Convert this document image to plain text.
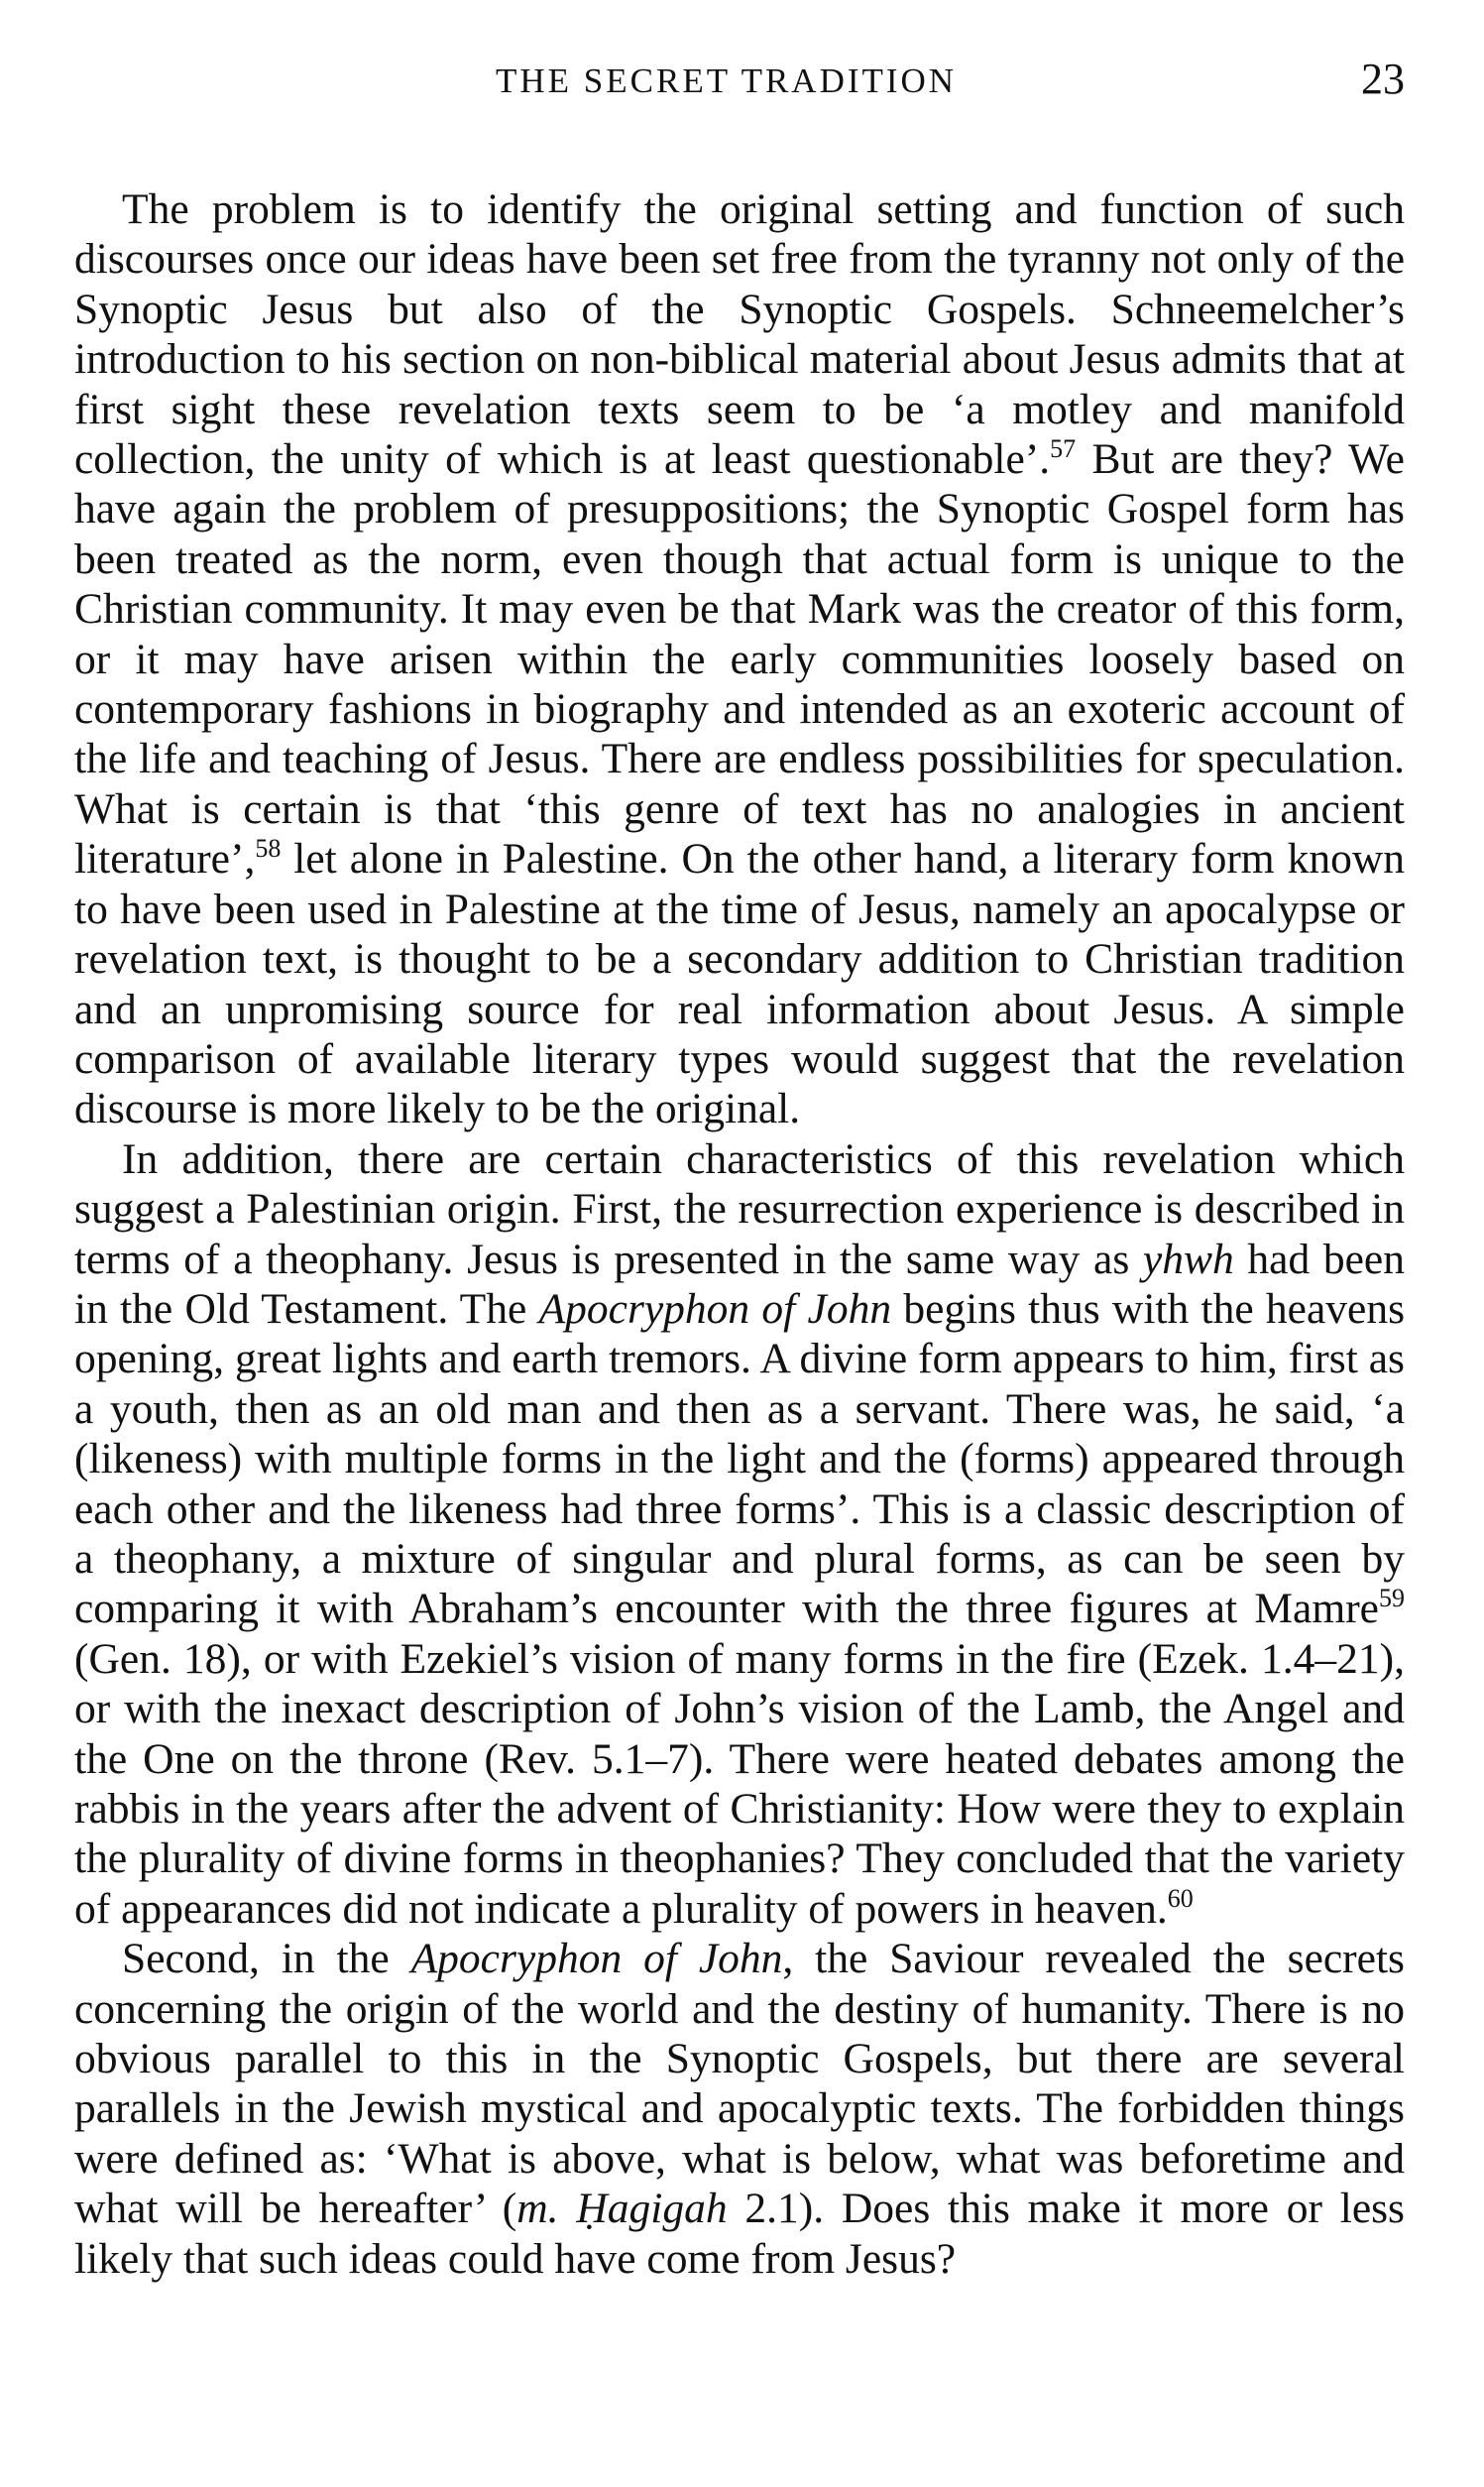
THE SECRET TRADITION	23

The problem is to identify the original setting and function of such discourses once our ideas have been set free from the tyranny not only of the Synoptic Jesus but also of the Synoptic Gospels. Schneemelcher’s introduction to his section on non-biblical material about Jesus admits that at first sight these revelation texts seem to be ‘a motley and manifold collection, the unity of which is at least questionable’.$^{57}$ But are they? We have again the problem of presuppositions; the Synoptic Gospel form has been treated as the norm, even though that actual form is unique to the Christian community. It may even be that Mark was the creator of this form, or it may have arisen within the early communities loosely based on contemporary fashions in biography and intended as an exoteric account of the life and teaching of Jesus. There are endless possibilities for speculation. What is certain is that ‘this genre of text has no analogies in ancient literature’,$^{58}$ let alone in Palestine. On the other hand, a literary form known to have been used in Palestine at the time of Jesus, namely an apocalypse or revelation text, is thought to be a secondary addition to Christian tradition and an unpromising source for real information about Jesus. A simple comparison of available literary types would suggest that the revelation discourse is more likely to be the original.

In addition, there are certain characteristics of this revelation which suggest a Palestinian origin. First, the resurrection experience is described in terms of a theophany. Jesus is presented in the same way as yhwh had been in the Old Testament. The Apocryphon of John begins thus with the heavens opening, great lights and earth tremors. A divine form appears to him, first as a youth, then as an old man and then as a servant. There was, he said, ‘a (likeness) with multiple forms in the light and the (forms) appeared through each other and the likeness had three forms’. This is a classic description of a theophany, a mixture of singular and plural forms, as can be seen by comparing it with Abraham’s encounter with the three figures at Mamre$^{59}$ (Gen. 18), or with Ezekiel’s vision of many forms in the fire (Ezek. 1.4–21), or with the inexact description of John’s vision of the Lamb, the Angel and the One on the throne (Rev. 5.1–7). There were heated debates among the rabbis in the years after the advent of Christianity: How were they to explain the plurality of divine forms in theophanies? They concluded that the variety of appearances did not indicate a plurality of powers in heaven.$^{60}$

Second, in the Apocryphon of John, the Saviour revealed the secrets concerning the origin of the world and the destiny of humanity. There is no obvious parallel to this in the Synoptic Gospels, but there are several parallels in the Jewish mystical and apocalyptic texts. The forbidden things were defined as: ‘What is above, what is below, what was beforetime and what will be hereafter’ (m. Ḥagigah 2.1). Does this make it more or less likely that such ideas could have come from Jesus?
